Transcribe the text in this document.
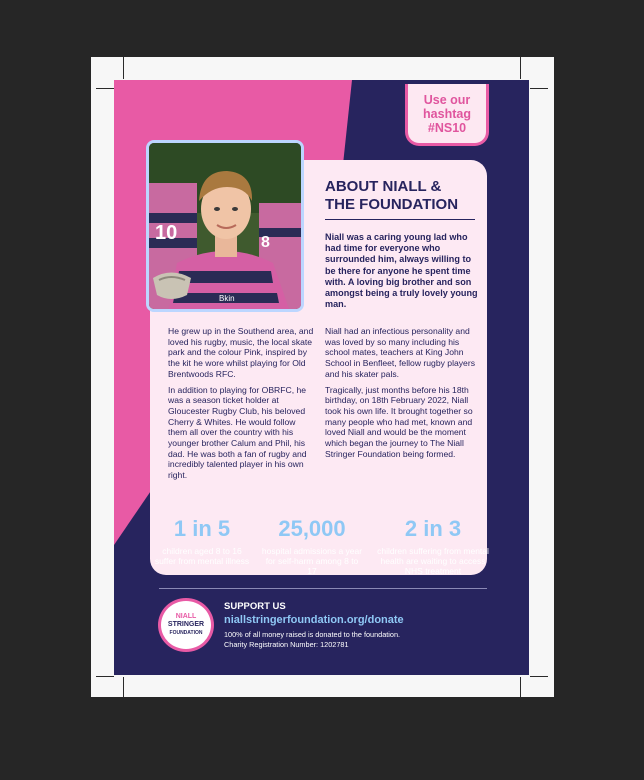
Use our
hashtag
#NS10
10	8
Bkin
ABOUT NIALL &
THE FOUNDATION
Niall was a caring young lad who had time for everyone who surrounded him, always willing to be there for anyone he spent time with. A loving big brother and son amongst being a truly lovely young man.

He grew up in the Southend area, and loved his rugby, music, the local skate park and the colour Pink, inspired by the kit he wore whilst playing for Old Brentwoods RFC.

In addition to playing for OBRFC, he was a season ticket holder at Gloucester Rugby Club, his beloved Cherry & Whites. He would follow them all over the country with his younger brother Calum and Phil, his dad. He was both a fan of rugby and incredibly talented player in his own right.

Niall had an infectious personality and was loved by so many including his school mates, teachers at King John School in Benfleet, fellow rugby players and his skater pals.

Tragically, just months before his 18th birthday, on 18th February 2022, Niall took his own life. It brought together so many people who had met, known and loved Niall and would be the moment which began the journey to The Niall Stringer Foundation being formed.

1 in 5
children aged 8 to 16 suffer from mental illness
25,000
hospital admissions a year for self-harm among 8 to 17
2 in 3
children suffering from mental health are waiting to access NHS treatment
NIALL
STRINGER
FOUNDATION
SUPPORT US
niallstringerfoundation.org/donate
100% of all money raised is donated to the foundation.
Charity Registration Number: 1202781
